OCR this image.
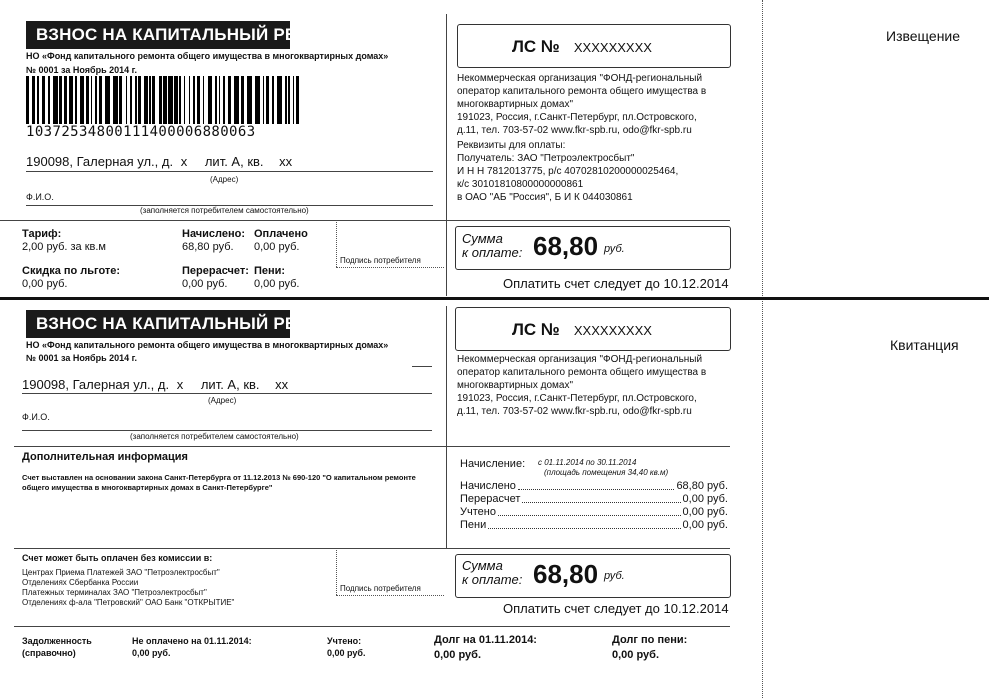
ВЗНОС НА КАПИТАЛЬНЫЙ РЕМОНТ
НО «Фонд капитального ремонта общего имущества в многоквартирных домах»
№ 0001 за Ноябрь 2014 г.
10372534800111400006880063
190098, Галерная ул., д. х лит. А, кв. хх
(Адрес)
Ф.И.О.
(заполняется потребителем самостоятельно)
ЛС № ХХХХХХХХХ
Некоммерческая организация "ФОНД-региональный
оператор капитального ремонта общего имущества в
многоквартирных домах"
191023, Россия, г.Санкт-Петербург, пл.Островского,
д.11, тел. 703-57-02 www.fkr-spb.ru, odo@fkr-spb.ru
Реквизиты для оплаты:
Получатель: ЗАО "Петроэлектросбыт"
И Н Н 7812013775, р/с 40702810200000025464,
к/с 30101810800000000861
в ОАО "АБ "Россия", Б И К 044030861
Тариф:
2,00 руб. за кв.м
Начислено:
68,80 руб.
Оплачено
0,00 руб.
Скидка по льготе:
0,00 руб.
Перерасчет:
0,00 руб.
Пени:
0,00 руб.
Подпись потребителя
Сумма
к оплате: 68,80 руб.
Оплатить счет следует до 10.12.2014
Извещение
Квитанция
ВЗНОС НА КАПИТАЛЬНЫЙ РЕМОНТ
НО «Фонд капитального ремонта общего имущества в многоквартирных домах»
№ 0001 за Ноябрь 2014 г.
190098, Галерная ул., д. х лит. А, кв. хх
(Адрес)
Ф.И.О.
(заполняется потребителем самостоятельно)
ЛС № ХХХХХХХХХ
Некоммерческая организация "ФОНД-региональный
оператор капитального ремонта общего имущества в
многоквартирных домах"
191023, Россия, г.Санкт-Петербург, пл.Островского,
д.11, тел. 703-57-02 www.fkr-spb.ru, odo@fkr-spb.ru
Дополнительная информация
Счет выставлен на основании закона Санкт-Петербурга от 11.12.2013 № 690-120 "О капитальном ремонте
общего имущества в многоквартирных домах в Санкт-Петербурге"
Начисление: с 01.11.2014 по 30.11.2014
(площадь помещения 34,40 кв.м)
Начислено	68,80 руб.
Перерасчет	0,00 руб.
Учтено	0,00 руб.
Пени	0,00 руб.
Счет может быть оплачен без комиссии в:
Центрах Приема Платежей ЗАО "Петроэлектросбыт"
Отделениях Сбербанка России
Платежных терминалах ЗАО "Петроэлектросбыт"
Отделениях ф-ала "Петровский" ОАО Банк "ОТКРЫТИЕ"
Подпись потребителя
Сумма
к оплате: 68,80 руб.
Оплатить счет следует до 10.12.2014
Задолженность
(справочно)
Не оплачено на 01.11.2014:
0,00 руб.
Учтено:
0,00 руб.
Долг на 01.11.2014:
0,00 руб.
Долг по пени:
0,00 руб.
